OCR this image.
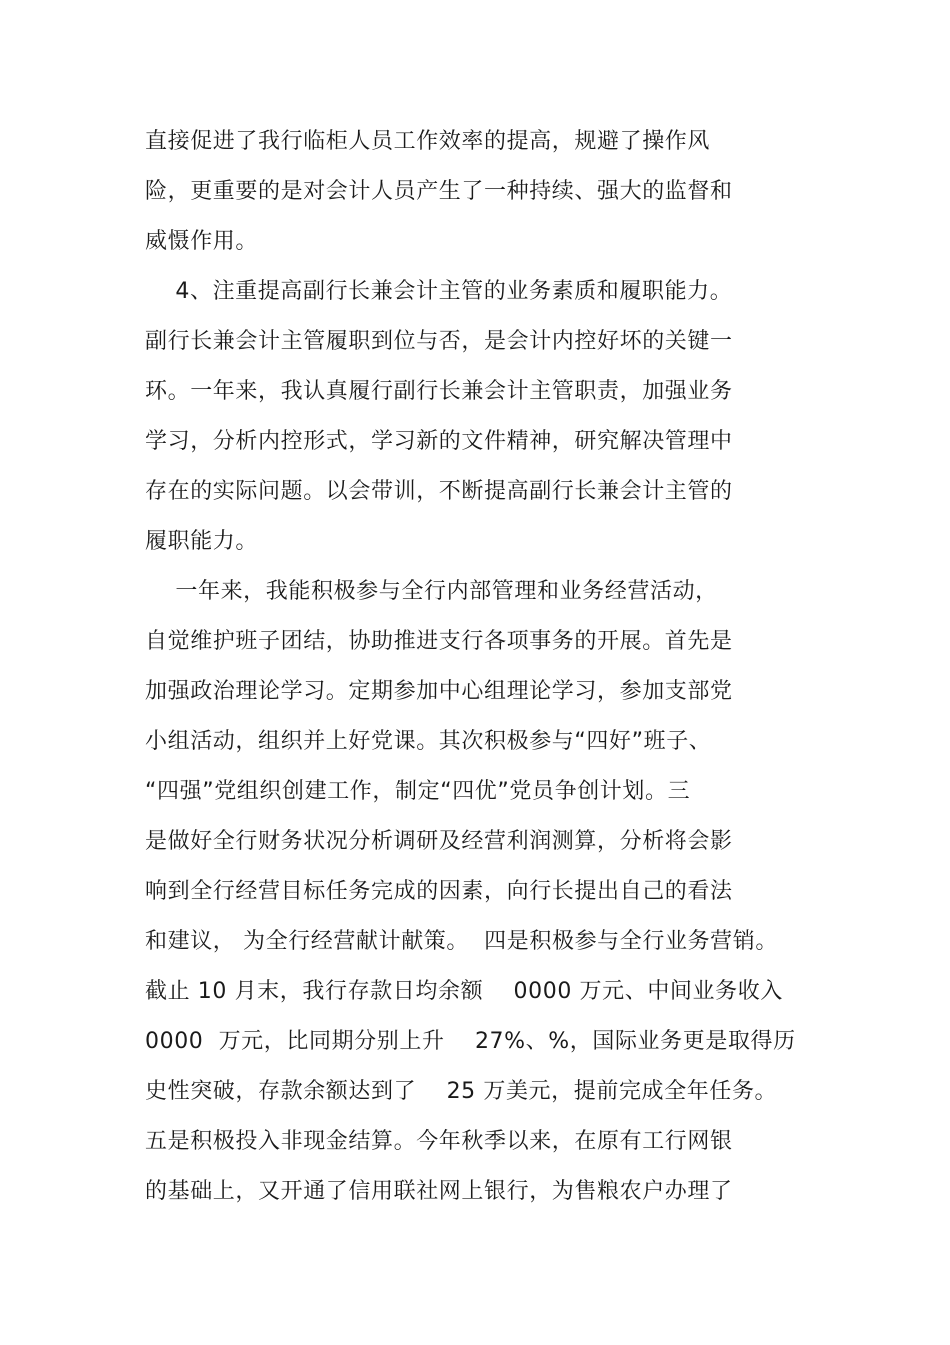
直接促进了我行临柜人员工作效率的提高，规避了操作风
险，更重要的是对会计人员产生了一种持续、强大的监督和
威慑作用。
4、注重提高副行长兼会计主管的业务素质和履职能力。
副行长兼会计主管履职到位与否，是会计内控好坏的关键一
环。一年来，我认真履行副行长兼会计主管职责，加强业务
学习，分析内控形式，学习新的文件精神，研究解决管理中
存在的实际问题。以会带训，不断提高副行长兼会计主管的
履职能力。
一年来，我能积极参与全行内部管理和业务经营活动，
自觉维护班子团结，协助推进支行各项事务的开展。首先是
加强政治理论学习。定期参加中心组理论学习，参加支部党
小组活动，组织并上好党课。其次积极参与“四好”班子、
“四强”党组织创建工作，制定“四优”党员争创计划。三
是做好全行财务状况分析调研及经营利润测算，分析将会影
响到全行经营目标任务完成的因素，向行长提出自己的看法
和建议， 为全行经营献计献策。  四是积极参与全行业务营销。
截止 10 月末，我行存款日均余额    0000 万元、中间业务收入
0000  万元，比同期分别上升    27%、%，国际业务更是取得历
史性突破，存款余额达到了    25 万美元，提前完成全年任务。
五是积极投入非现金结算。今年秋季以来，在原有工行网银
的基础上，又开通了信用联社网上银行，为售粮农户办理了
